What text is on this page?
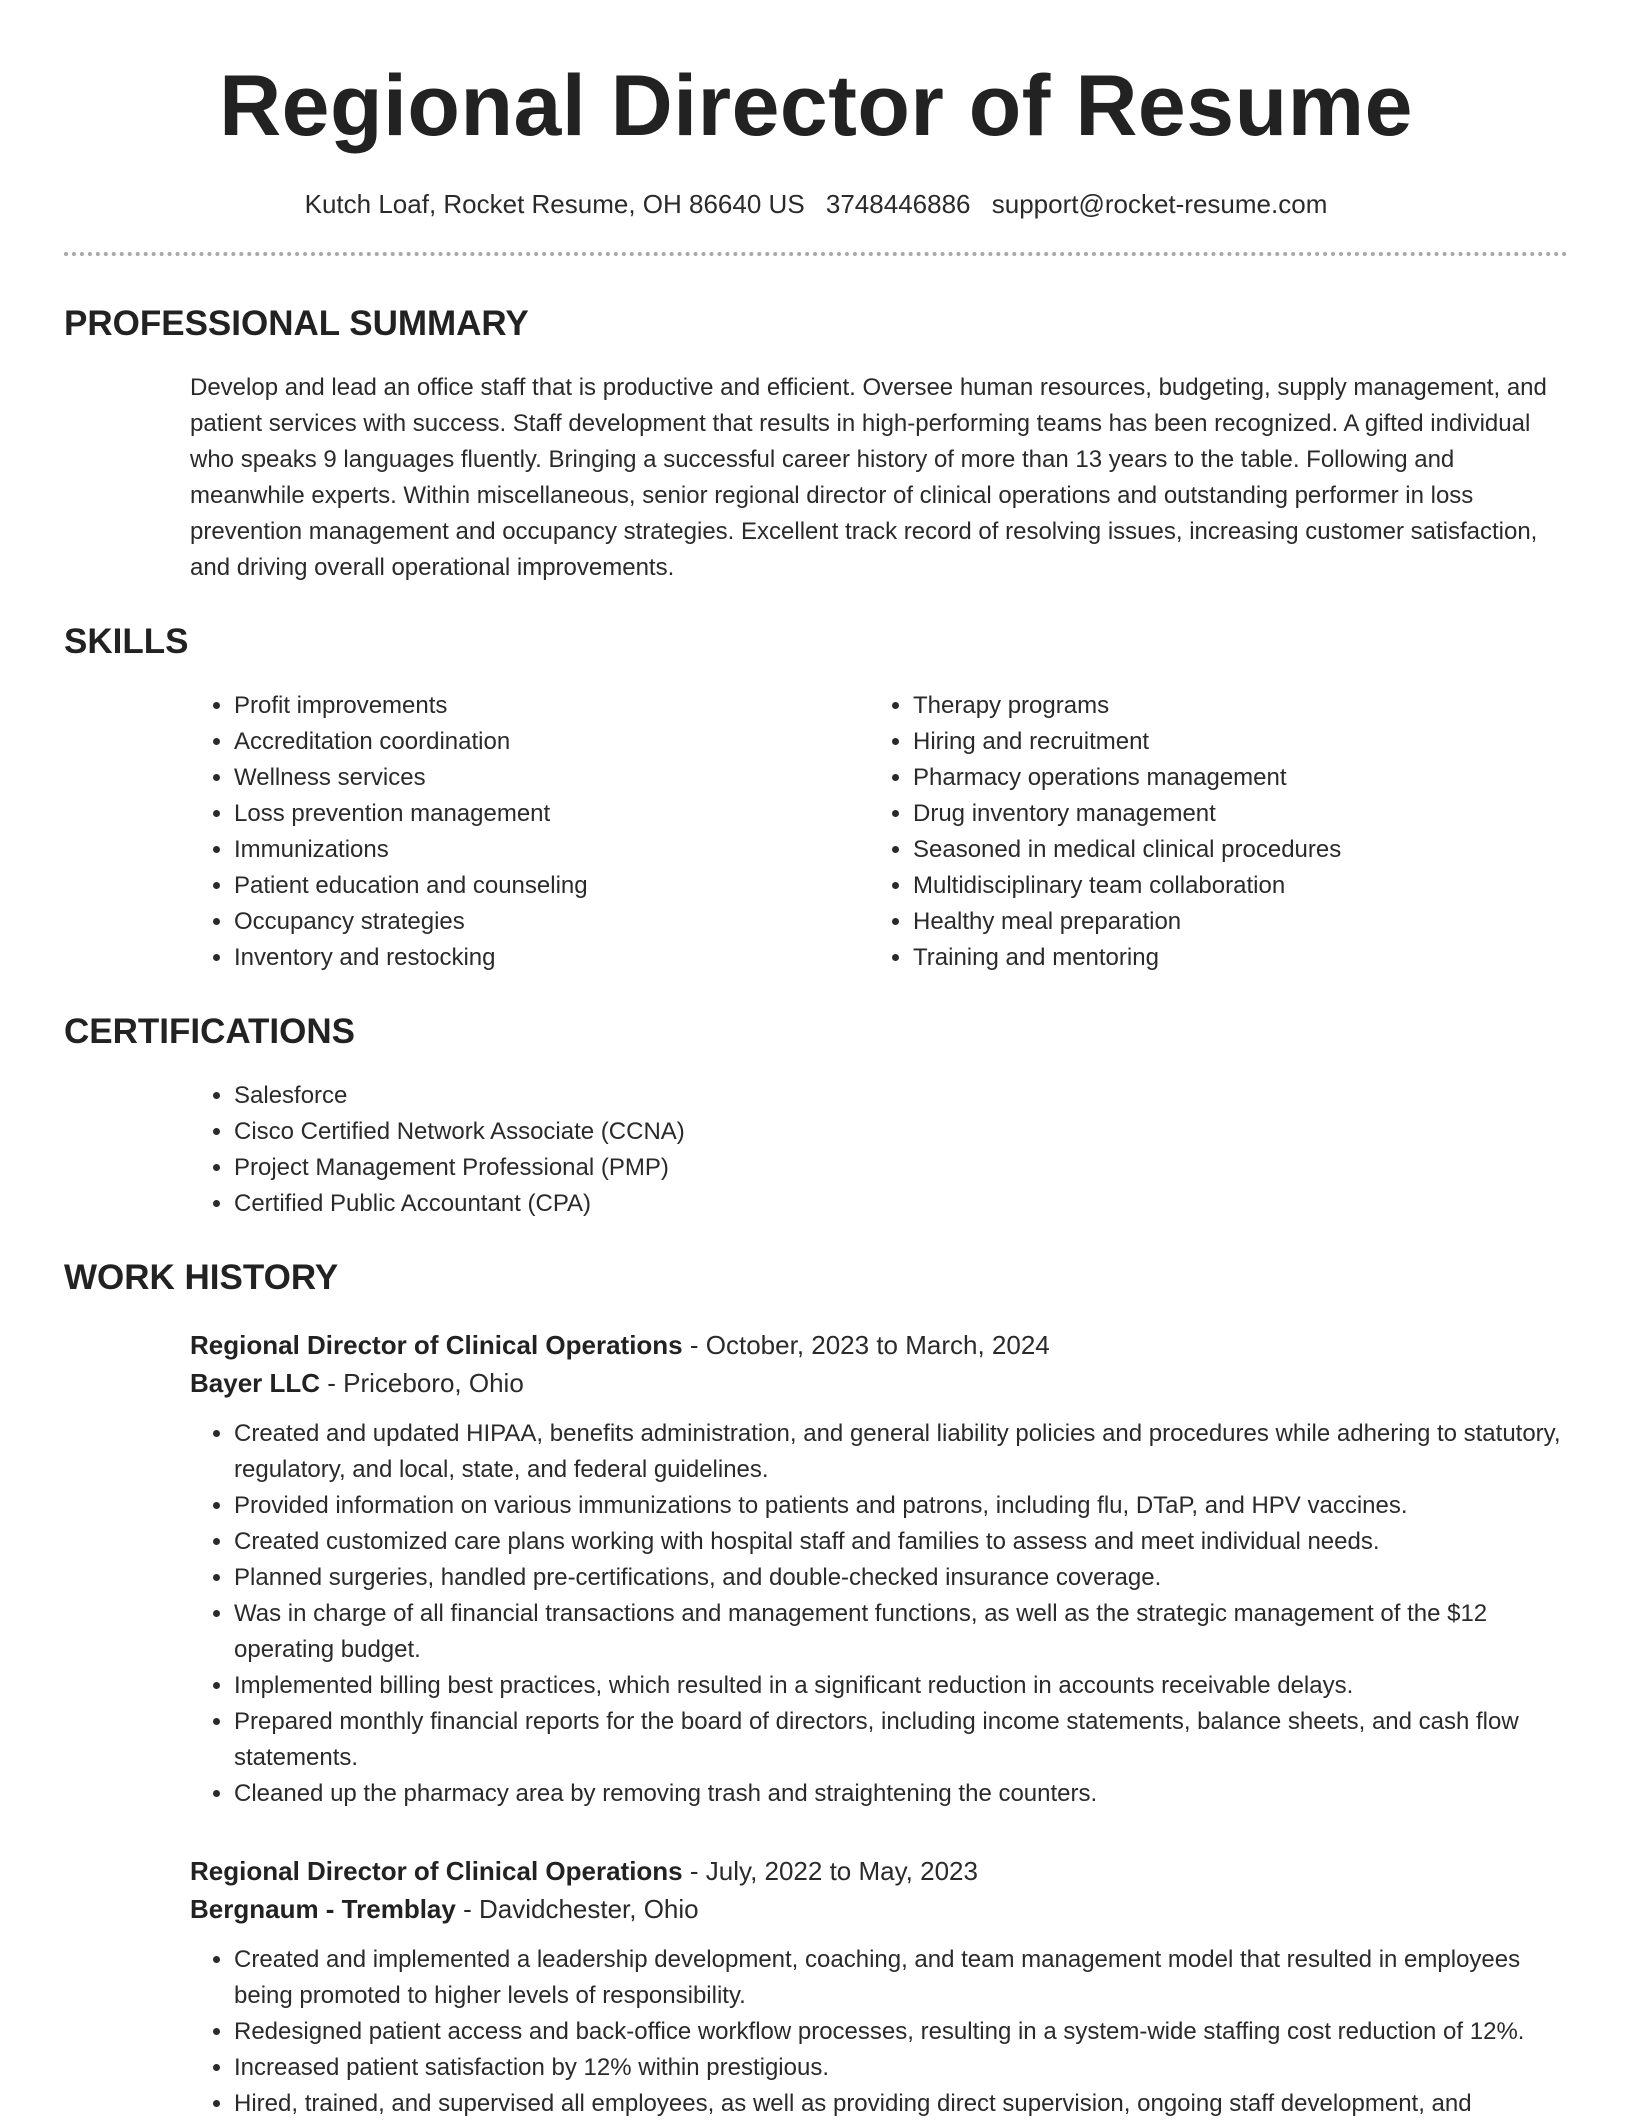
Regional Director of Resume
Kutch Loaf, Rocket Resume, OH 86640 US 3748446886 support@rocket-resume.com
PROFESSIONAL SUMMARY

Develop and lead an office staff that is productive and efficient. Oversee human resources, budgeting, supply management, and patient services with success. Staff development that results in high-performing teams has been recognized. A gifted individual who speaks 9 languages fluently. Bringing a successful career history of more than 13 years to the table. Following and meanwhile experts. Within miscellaneous, senior regional director of clinical operations and outstanding performer in loss prevention management and occupancy strategies. Excellent track record of resolving issues, increasing customer satisfaction, and driving overall operational improvements.

SKILLS
• Profit improvements
• Accreditation coordination
• Wellness services
• Loss prevention management
• Immunizations
• Patient education and counseling
• Occupancy strategies
• Inventory and restocking
• Therapy programs
• Hiring and recruitment
• Pharmacy operations management
• Drug inventory management
• Seasoned in medical clinical procedures
• Multidisciplinary team collaboration
• Healthy meal preparation
• Training and mentoring
CERTIFICATIONS
• Salesforce
• Cisco Certified Network Associate (CCNA)
• Project Management Professional (PMP)
• Certified Public Accountant (CPA)
WORK HISTORY
Regional Director of Clinical Operations - October, 2023 to March, 2024
Bayer LLC - Priceboro, Ohio
• Created and updated HIPAA, benefits administration, and general liability policies and procedures while adhering to statutory, regulatory, and local, state, and federal guidelines.
• Provided information on various immunizations to patients and patrons, including flu, DTaP, and HPV vaccines.
• Created customized care plans working with hospital staff and families to assess and meet individual needs.
• Planned surgeries, handled pre-certifications, and double-checked insurance coverage.
• Was in charge of all financial transactions and management functions, as well as the strategic management of the $12 operating budget.
• Implemented billing best practices, which resulted in a significant reduction in accounts receivable delays.
• Prepared monthly financial reports for the board of directors, including income statements, balance sheets, and cash flow statements.
• Cleaned up the pharmacy area by removing trash and straightening the counters.
Regional Director of Clinical Operations - July, 2022 to May, 2023
Bergnaum - Tremblay - Davidchester, Ohio
• Created and implemented a leadership development, coaching, and team management model that resulted in employees being promoted to higher levels of responsibility.
• Redesigned patient access and back-office workflow processes, resulting in a system-wide staffing cost reduction of 12%.
• Increased patient satisfaction by 12% within prestigious.
• Hired, trained, and supervised all employees, as well as providing direct supervision, ongoing staff development, and
